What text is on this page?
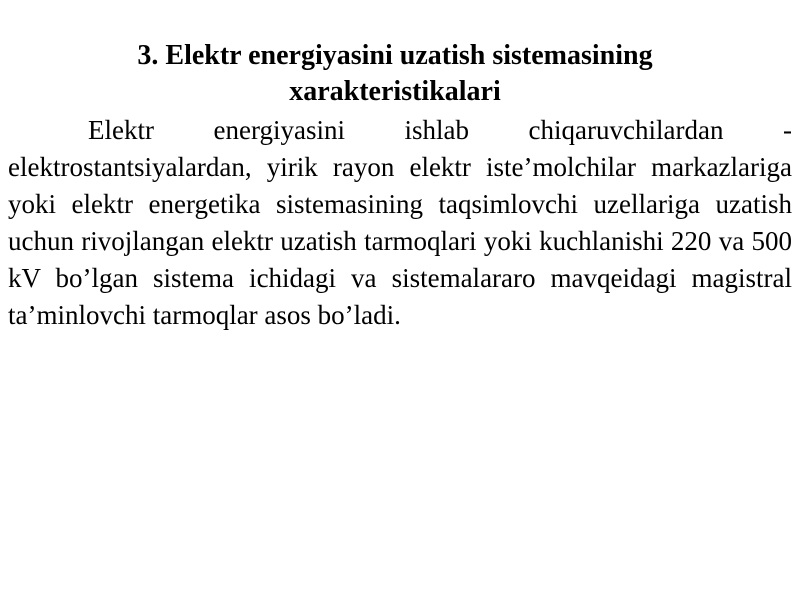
3. Elektr energiyasini uzatish sistemasining
xarakteristikalari

Elektr energiyasini ishlab chiqaruvchilardan - elektrostantsiyalardan, yirik rayon elektr iste’molchilar markazlariga yoki elektr energetika sistemasining taqsimlovchi uzellariga uzatish uchun rivojlangan elektr uzatish tarmoqlari yoki kuchlanishi 220 va 500 kV bo’lgan sistema ichidagi va sistemalararo mavqeidagi magistral ta’minlovchi tarmoqlar asos bo’ladi.
